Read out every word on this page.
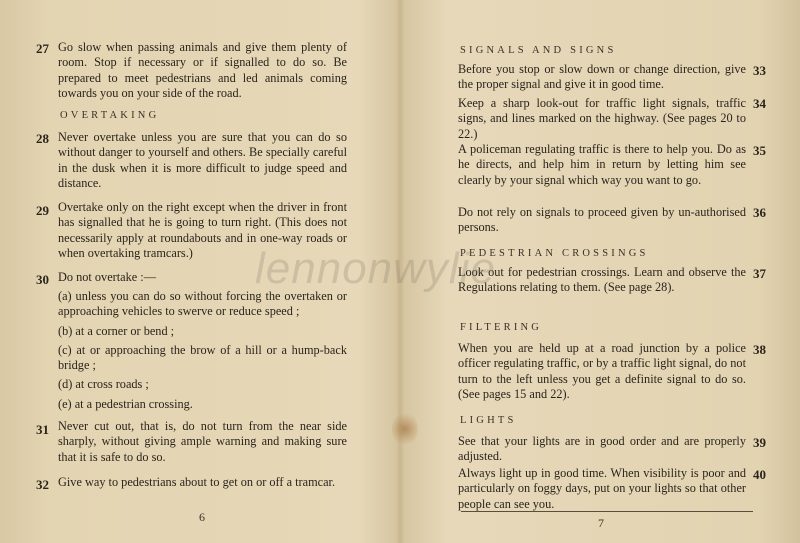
27 Go slow when passing animals and give them plenty of room. Stop if necessary or if signalled to do so. Be prepared to meet pedestrians and led animals coming towards you on your side of the road.
OVERTAKING
28 Never overtake unless you are sure that you can do so without danger to yourself and others. Be specially careful in the dusk when it is more difficult to judge speed and distance.
29 Overtake only on the right except when the driver in front has signalled that he is going to turn right. (This does not necessarily apply at roundabouts and in one-way roads or when overtaking tramcars.)
30 Do not overtake :—
(a) unless you can do so without forcing the overtaken or approaching vehicles to swerve or reduce speed ;
(b) at a corner or bend ;
(c) at or approaching the brow of a hill or a hump-back bridge ;
(d) at cross roads ;
(e) at a pedestrian crossing.
31 Never cut out, that is, do not turn from the near side sharply, without giving ample warning and making sure that it is safe to do so.
32 Give way to pedestrians about to get on or off a tramcar.
6
SIGNALS AND SIGNS
Before you stop or slow down or change direction, give the proper signal and give it in good time.
33
Keep a sharp look-out for traffic light signals, traffic signs, and lines marked on the highway. (See pages 20 to 22.)
34
A policeman regulating traffic is there to help you. Do as he directs, and help him in return by letting him see clearly by your signal which way you want to go.
35
Do not rely on signals to proceed given by un-authorised persons.
36
PEDESTRIAN CROSSINGS
Look out for pedestrian crossings. Learn and observe the Regulations relating to them. (See page 28).
37
FILTERING
When you are held up at a road junction by a police officer regulating traffic, or by a traffic light signal, do not turn to the left unless you get a definite signal to do so. (See pages 15 and 22).
38
LIGHTS
See that your lights are in good order and are properly adjusted.
39
Always light up in good time. When visibility is poor and particularly on foggy days, put on your lights so that other people can see you.
40
7
lennonwylie
